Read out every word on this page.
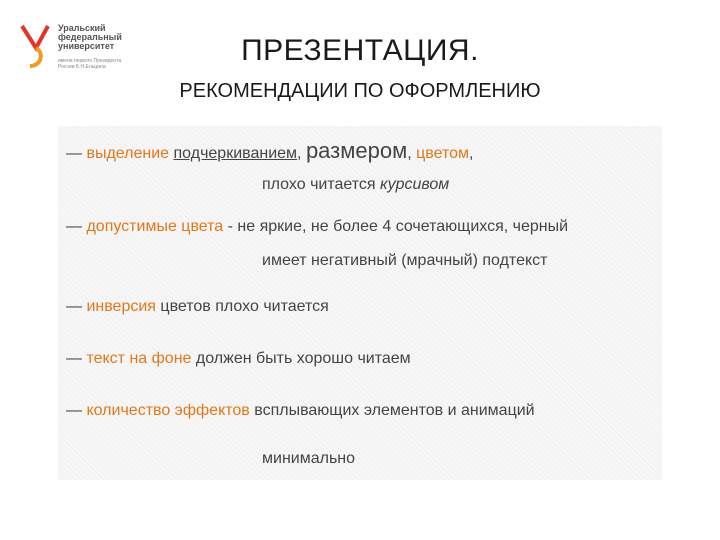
Уральский
федеральный
университет
имени первого Президента
России Б.Н.Ельцина	ПРЕЗЕНТАЦИЯ.
РЕКОМЕНДАЦИИ ПО ОФОРМЛЕНИЮ
— выделение подчеркиванием, размером, цветом,
плохо читается курсивом
— допустимые цвета - не яркие, не более 4 сочетающихся, черный
имеет негативный (мрачный) подтекст
— инверсия цветов плохо читается
— текст на фоне должен быть хорошо читаем
— количество эффектов всплывающих элементов и анимаций
минимально
